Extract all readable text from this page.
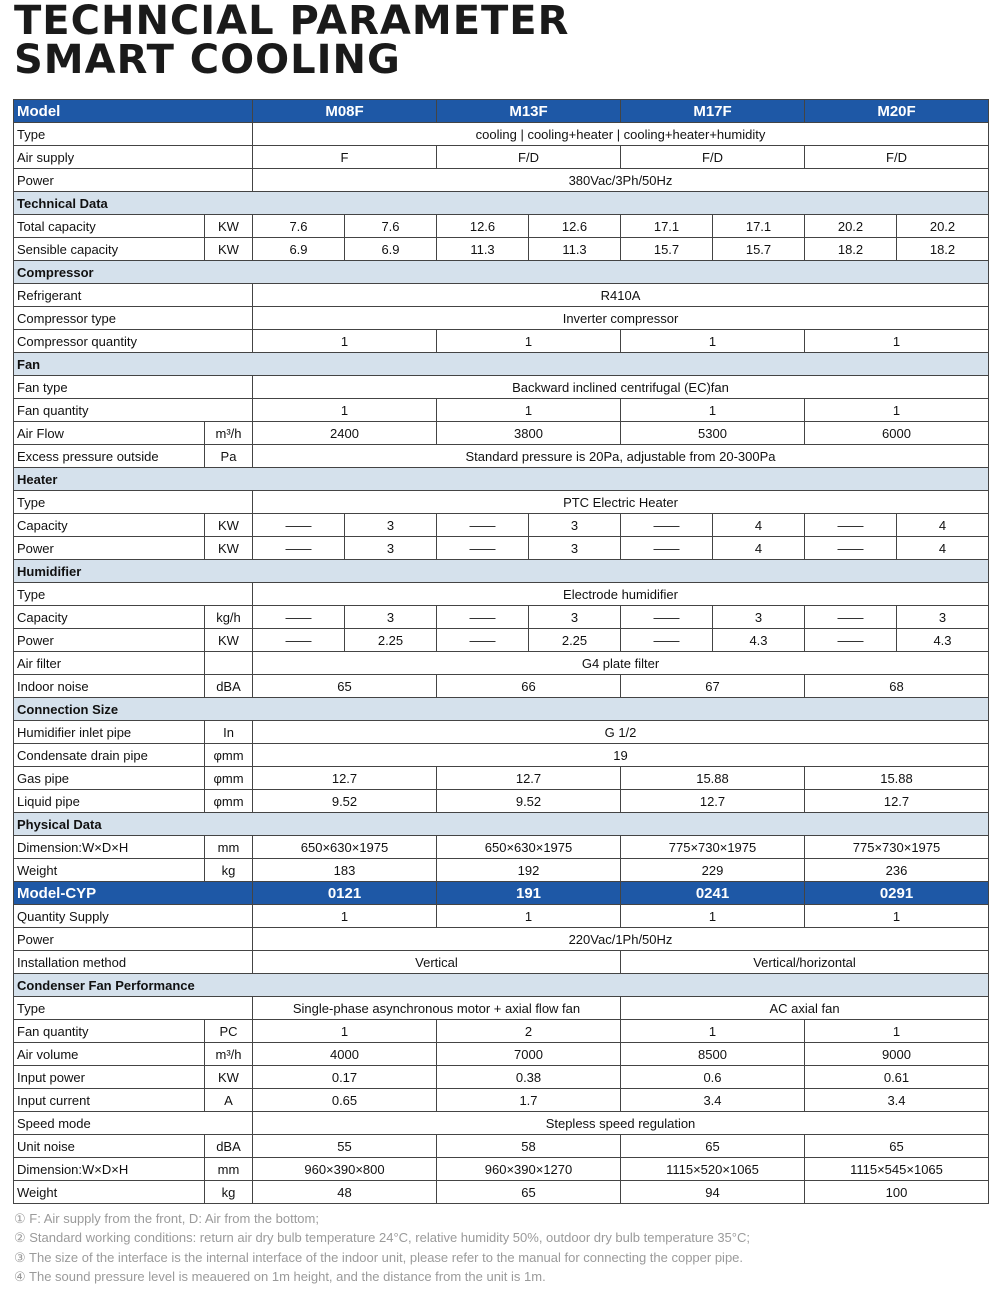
TECHNCIAL PARAMETER
SMART COOLING
Model		M08F		M13F		M17F		M20F	
Type		cooling | cooling+heater | cooling+heater+humidity							
Air supply		F		F/D		F/D		F/D	
Power		380Vac/3Ph/50Hz							
Technical Data									
Total capacity	KW	7.6	7.6	12.6	12.6	17.1	17.1	20.2	20.2
Sensible capacity	KW	6.9	6.9	11.3	11.3	15.7	15.7	18.2	18.2
Compressor									
Refrigerant		R410A							
Compressor type		Inverter compressor							
Compressor quantity		1		1		1		1	
Fan									
Fan type		Backward inclined centrifugal (EC)fan							
Fan quantity		1		1		1		1	
Air Flow	m³/h	2400		3800		5300		6000	
Excess pressure outside	Pa	Standard pressure is 20Pa, adjustable from 20-300Pa							
Heater									
Type		PTC Electric Heater							
Capacity	KW	——	3	——	3	——	4	——	4
Power	KW	——	3	——	3	——	4	——	4
Humidifier									
Type		Electrode humidifier							
Capacity	kg/h	——	3	——	3	——	3	——	3
Power	KW	——	2.25	——	2.25	——	4.3	——	4.3
Air filter		G4 plate filter							
Indoor noise	dBA	65		66		67		68	
Connection Size									
Humidifier inlet pipe	In	G 1/2							
Condensate drain pipe	φmm	19							
Gas pipe	φmm	12.7		12.7		15.88		15.88	
Liquid pipe	φmm	9.52		9.52		12.7		12.7	
Physical Data									
Dimension:W×D×H	mm	650×630×1975		650×630×1975		775×730×1975		775×730×1975	
Weight	kg	183		192		229		236	
Model-CYP		0121		191		0241		0291	
Quantity Supply		1		1		1		1	
Power		220Vac/1Ph/50Hz							
Installation method		Vertical				Vertical/horizontal			
Condenser Fan Performance									
Type		Single-phase asynchronous motor + axial flow fan				AC axial fan			
Fan quantity	PC	1		2		1		1	
Air volume	m³/h	4000		7000		8500		9000	
Input power	KW	0.17		0.38		0.6		0.61	
Input current	A	0.65		1.7		3.4		3.4	
Speed mode		Stepless speed regulation							
Unit noise	dBA	55		58		65		65	
Dimension:W×D×H	mm	960×390×800		960×390×1270		1115×520×1065		1115×545×1065	
Weight	kg	48		65		94		100	
① F: Air supply from the front, D: Air from the bottom;
② Standard working conditions: return air dry bulb temperature 24°C, relative humidity 50%, outdoor dry bulb temperature 35°C;
③ The size of the interface is the internal interface of the indoor unit, please refer to the manual for connecting the copper pipe.
④ The sound pressure level is meauered on 1m height, and the distance from the unit is 1m.
